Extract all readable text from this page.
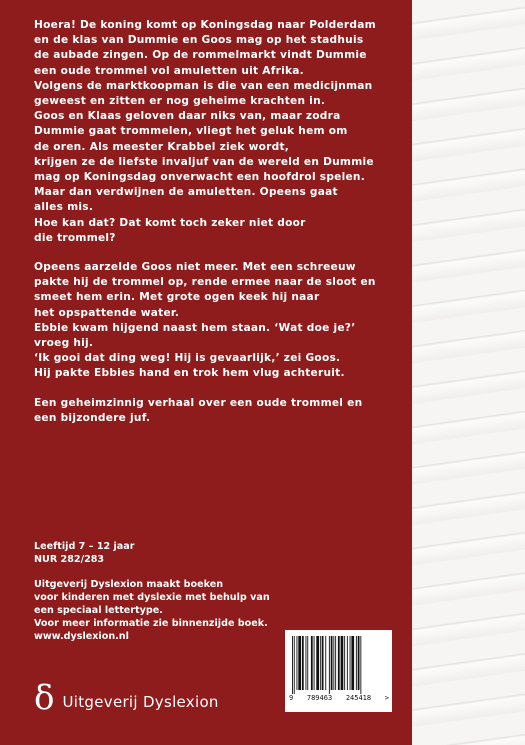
Hoera! De koning komt op Koningsdag naar Polderdam
en de klas van Dummie en Goos mag op het stadhuis
de aubade zingen. Op de rommelmarkt vindt Dummie
een oude trommel vol amuletten uit Afrika.
Volgens de marktkoopman is die van een medicijnman
geweest en zitten er nog geheime krachten in.
Goos en Klaas geloven daar niks van, maar zodra
Dummie gaat trommelen, vliegt het geluk hem om
de oren. Als meester Krabbel ziek wordt,
krijgen ze de liefste invaljuf van de wereld en Dummie
mag op Koningsdag onverwacht een hoofdrol spelen.
Maar dan verdwijnen de amuletten. Opeens gaat
alles mis.
Hoe kan dat? Dat komt toch zeker niet door
die trommel?

Opeens aarzelde Goos niet meer. Met een schreeuw
pakte hij de trommel op, rende ermee naar de sloot en
smeet hem erin. Met grote ogen keek hij naar
het opspattende water.
Ebbie kwam hijgend naast hem staan. ‘Wat doe je?’
vroeg hij.
‘Ik gooi dat ding weg! Hij is gevaarlijk,’ zei Goos.
Hij pakte Ebbies hand en trok hem vlug achteruit.

Een geheimzinnig verhaal over een oude trommel en
een bijzondere juf.

Leeftijd 7 – 12 jaar
NUR 282/283
Uitgeverij Dyslexion maakt boeken
voor kinderen met dyslexie met behulp van
een speciaal lettertype.
Voor meer informatie zie binnenzijde boek.
www.dyslexion.nl
δ Uitgeverij Dyslexion	9 789463 245418 >
